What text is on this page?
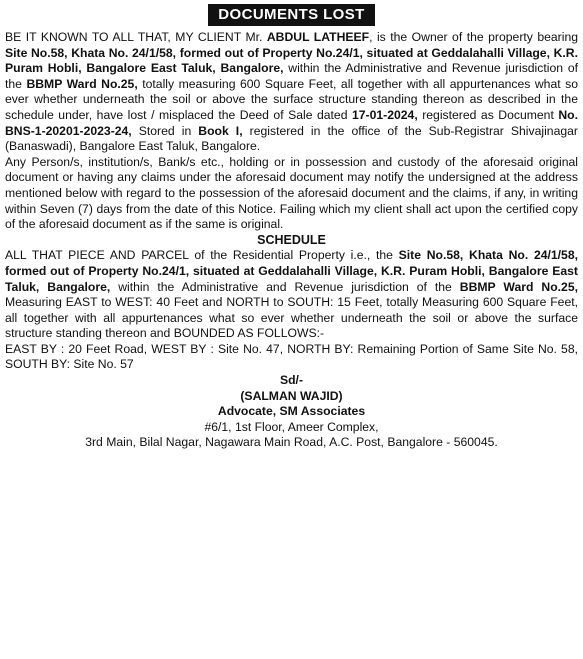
DOCUMENTS LOST

BE IT KNOWN TO ALL THAT, MY CLIENT Mr. ABDUL LATHEEF, is the Owner of the property bearing Site No.58, Khata No. 24/1/58, formed out of Property No.24/1, situated at Geddalahalli Village, K.R. Puram Hobli, Bangalore East Taluk, Bangalore, within the Administrative and Revenue jurisdiction of the BBMP Ward No.25, totally measuring 600 Square Feet, all together with all appurtenances what so ever whether underneath the soil or above the surface structure standing thereon as described in the schedule under, have lost / misplaced the Deed of Sale dated 17-01-2024, registered as Document No. BNS-1-20201-2023-24, Stored in Book I, registered in the office of the Sub-Registrar Shivajinagar (Banaswadi), Bangalore East Taluk, Bangalore.

Any Person/s, institution/s, Bank/s etc., holding or in possession and custody of the aforesaid original document or having any claims under the aforesaid document may notify the undersigned at the address mentioned below with regard to the possession of the aforesaid document and the claims, if any, in writing within Seven (7) days from the date of this Notice. Failing which my client shall act upon the certified copy of the aforesaid document as if the same is original.

SCHEDULE

ALL THAT PIECE AND PARCEL of the Residential Property i.e., the Site No.58, Khata No. 24/1/58, formed out of Property No.24/1, situated at Geddalahalli Village, K.R. Puram Hobli, Bangalore East Taluk, Bangalore, within the Administrative and Revenue jurisdiction of the BBMP Ward No.25, Measuring EAST to WEST: 40 Feet and NORTH to SOUTH: 15 Feet, totally Measuring 600 Square Feet, all together with all appurtenances what so ever whether underneath the soil or above the surface structure standing thereon and BOUNDED AS FOLLOWS:-

EAST BY : 20 Feet Road, WEST BY : Site No. 47, NORTH BY: Remaining Portion of Same Site No. 58, SOUTH BY: Site No. 57

Sd/-
(SALMAN WAJID)
Advocate, SM Associates
#6/1, 1st Floor, Ameer Complex,
3rd Main, Bilal Nagar, Nagawara Main Road, A.C. Post, Bangalore - 560045.
